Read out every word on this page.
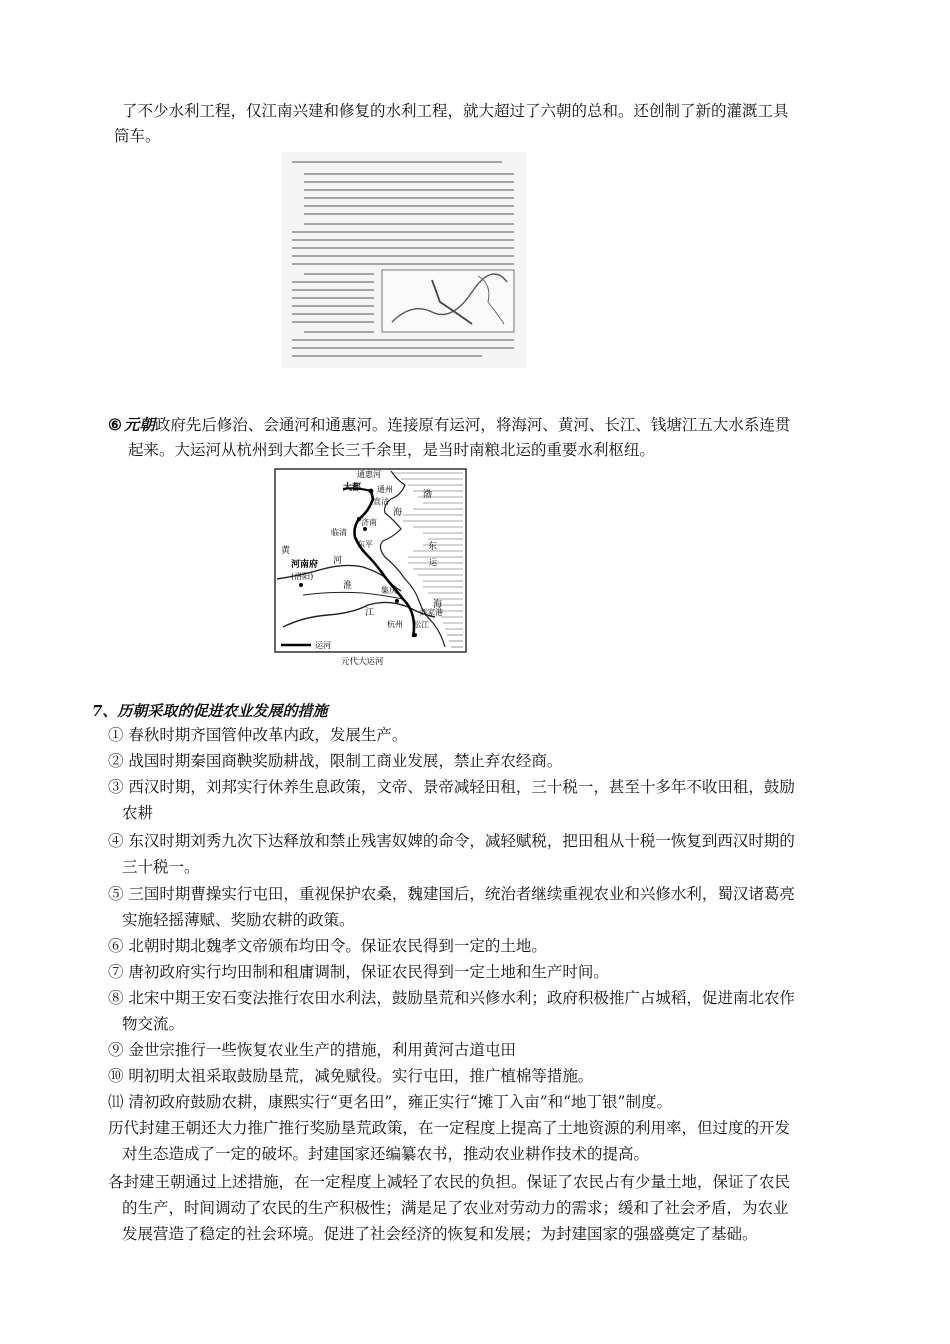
了不少水利工程，仅江南兴建和修复的水利工程，就大超过了六朝的总和。还创制了新的灌溉工具
筒车。
⑥ 元朝政府先后修治、会通河和通惠河。连接原有运河，将海河、黄河、长江、钱塘江五大水系连贯
起来。大运河从杭州到大都全长三千余里，是当时南粮北运的重要水利枢纽。
通惠河
大都 通州
直沽
渤
海
临清
济南
东平
黄
河
河南府
(洛阳)
淮	集庆
江	刘家港
松江
杭州
东
海
运
运河
元代大运河
7、历朝采取的促进农业发展的措施
① 春秋时期齐国管仲改革内政，发展生产。
② 战国时期秦国商鞅奖励耕战，限制工商业发展，禁止弃农经商。
③ 西汉时期，刘邦实行休养生息政策，文帝、景帝减轻田租，三十税一，甚至十多年不收田租，鼓励
农耕
④ 东汉时期刘秀九次下达释放和禁止残害奴婢的命令，减轻赋税，把田租从十税一恢复到西汉时期的
三十税一。
⑤ 三国时期曹操实行屯田，重视保护农桑，魏建国后，统治者继续重视农业和兴修水利，蜀汉诸葛亮
实施轻摇薄赋、奖励农耕的政策。
⑥ 北朝时期北魏孝文帝颁布均田令。保证农民得到一定的土地。
⑦ 唐初政府实行均田制和租庸调制，保证农民得到一定土地和生产时间。
⑧ 北宋中期王安石变法推行农田水利法，鼓励垦荒和兴修水利；政府积极推广占城稻，促进南北农作
物交流。
⑨ 金世宗推行一些恢复农业生产的措施，利用黄河古道屯田
⑩ 明初明太祖采取鼓励垦荒，减免赋役。实行屯田，推广植棉等措施。
⑾ 清初政府鼓励农耕，康熙实行“更名田”，雍正实行“摊丁入亩”和“地丁银”制度。
历代封建王朝还大力推广推行奖励垦荒政策，在一定程度上提高了土地资源的利用率，但过度的开发
对生态造成了一定的破坏。封建国家还编纂农书，推动农业耕作技术的提高。
各封建王朝通过上述措施，在一定程度上减轻了农民的负担。保证了农民占有少量土地，保证了农民
的生产，时间调动了农民的生产积极性；满是足了农业对劳动力的需求；缓和了社会矛盾，为农业
发展营造了稳定的社会环境。促进了社会经济的恢复和发展；为封建国家的强盛奠定了基础。
